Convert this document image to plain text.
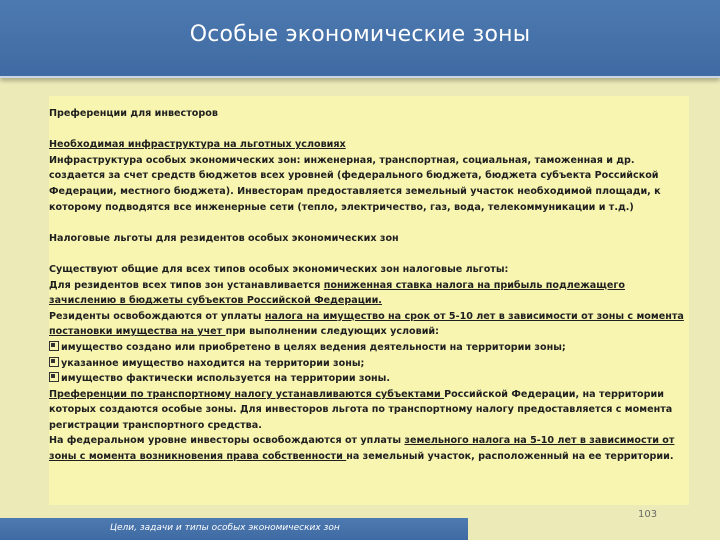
Особые экономические зоны

Преференции для инвесторов

Необходимая инфраструктура на льготных условиях

Инфраструктура особых экономических зон: инженерная, транспортная, социальная, таможенная и др. создается за счет средств бюджетов всех уровней (федерального бюджета, бюджета субъекта Российской Федерации, местного бюджета). Инвесторам предоставляется земельный участок необходимой площади, к которому подводятся все инженерные сети (тепло, электричество, газ, вода, телекоммуникации и т.д.)

Налоговые льготы для резидентов особых экономических зон

Существуют общие для всех типов особых экономических зон налоговые льготы:

Для резидентов всех типов зон устанавливается пониженная ставка налога на прибыль подлежащего зачислению в бюджеты субъектов Российской Федерации.

Резиденты освобождаются от уплаты налога на имущество на срок от 5-10 лет в зависимости от зоны с момента постановки имущества на учет при выполнении следующих условий:

имущество создано или приобретено в целях ведения деятельности на территории зоны;

указанное имущество находится на территории зоны;

имущество фактически используется на территории зоны.

Преференции по транспортному налогу устанавливаются субъектами Российской Федерации, на территории которых создаются особые зоны. Для инвесторов льгота по транспортному налогу предоставляется с момента регистрации транспортного средства.

На федеральном уровне инвесторы освобождаются от уплаты земельного налога на 5-10 лет в зависимости от зоны с момента возникновения права собственности на земельный участок, расположенный на ее территории.

103
Цели, задачи и типы особых экономических зон
